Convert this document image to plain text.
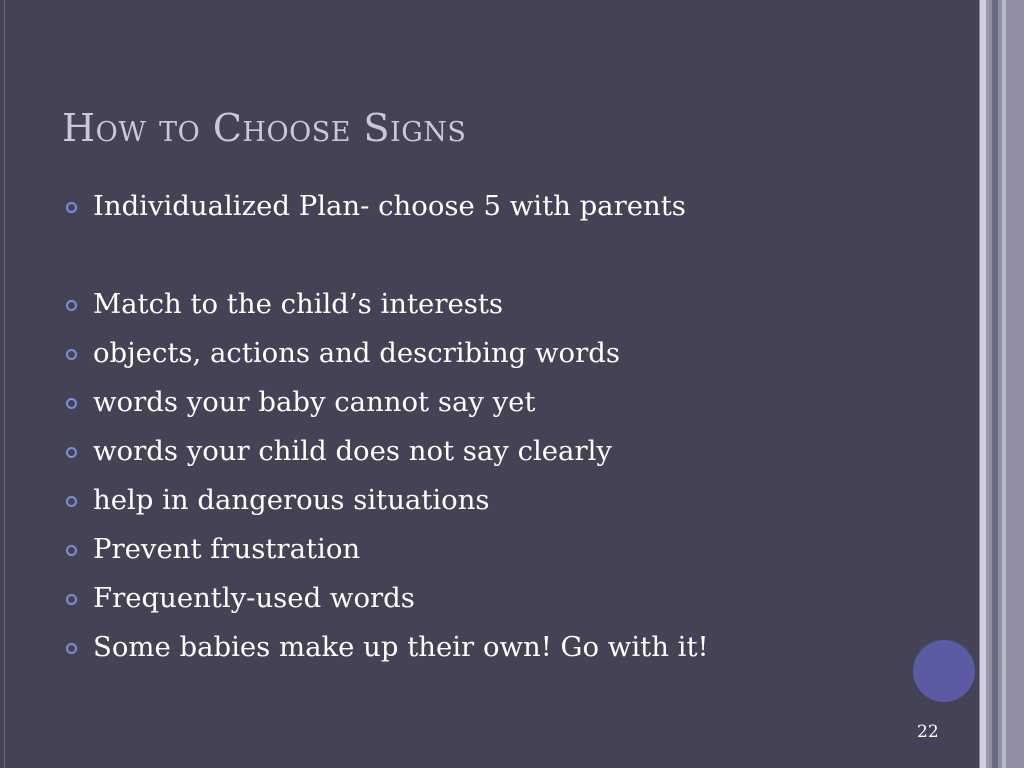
How to Choose Signs
Individualized Plan- choose 5 with parents
Match to the child’s interests
objects, actions and describing words
words your baby cannot say yet
words your child does not say clearly
help in dangerous situations
Prevent frustration
Frequently-used words
Some babies make up their own! Go with it!
22
